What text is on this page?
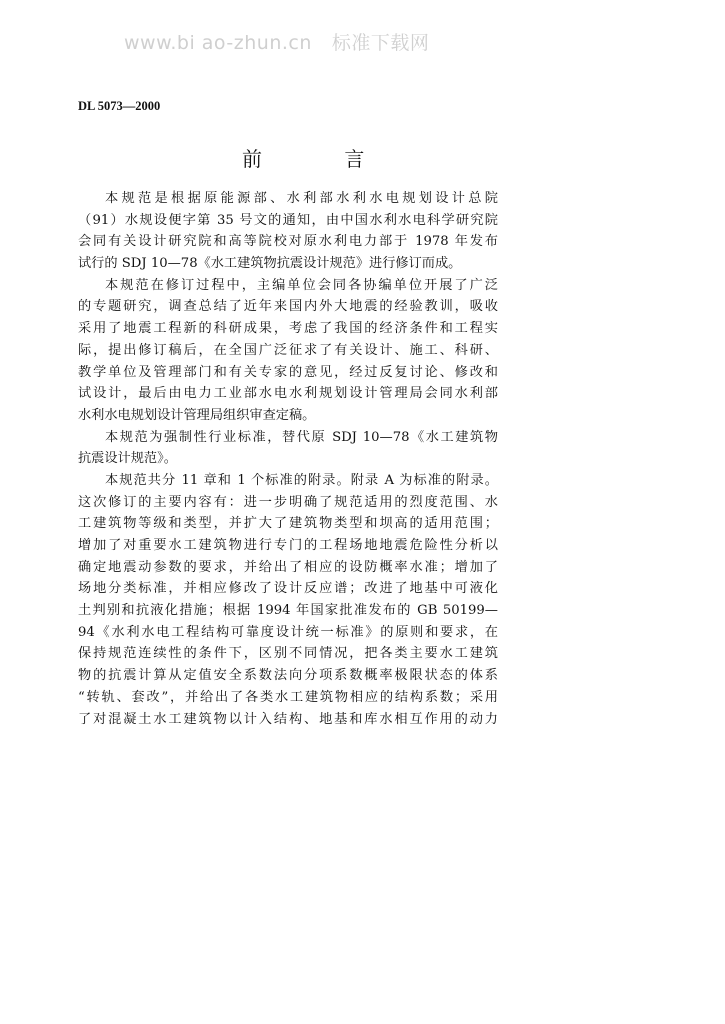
www.bi ao-zhun.cn 标准下载网
DL 5073—2000
前 言
本规范是根据原能源部、水利部水利水电规划设计总院
（91）水规设便字第 35 号文的通知，由中国水利水电科学研究院
会同有关设计研究院和高等院校对原水利电力部于 1978 年发布
试行的 SDJ 10—78《水工建筑物抗震设计规范》进行修订而成。
本规范在修订过程中，主编单位会同各协编单位开展了广泛
的专题研究，调查总结了近年来国内外大地震的经验教训，吸收
采用了地震工程新的科研成果，考虑了我国的经济条件和工程实
际，提出修订稿后，在全国广泛征求了有关设计、施工、科研、
教学单位及管理部门和有关专家的意见，经过反复讨论、修改和
试设计，最后由电力工业部水电水利规划设计管理局会同水利部
水利水电规划设计管理局组织审查定稿。
本规范为强制性行业标准，替代原 SDJ 10—78《水工建筑物
抗震设计规范》。
本规范共分 11 章和 1 个标准的附录。附录 A 为标准的附录。
这次修订的主要内容有：进一步明确了规范适用的烈度范围、水
工建筑物等级和类型，并扩大了建筑物类型和坝高的适用范围；
增加了对重要水工建筑物进行专门的工程场地地震危险性分析以
确定地震动参数的要求，并给出了相应的设防概率水准；增加了
场地分类标准，并相应修改了设计反应谱；改进了地基中可液化
土判别和抗液化措施；根据 1994 年国家批准发布的 GB 50199—
94《水利水电工程结构可靠度设计统一标准》的原则和要求，在
保持规范连续性的条件下，区别不同情况，把各类主要水工建筑
物的抗震计算从定值安全系数法向分项系数概率极限状态的体系
“转轨、套改”，并给出了各类水工建筑物相应的结构系数；采用
了对混凝土水工建筑物以计入结构、地基和库水相互作用的动力
